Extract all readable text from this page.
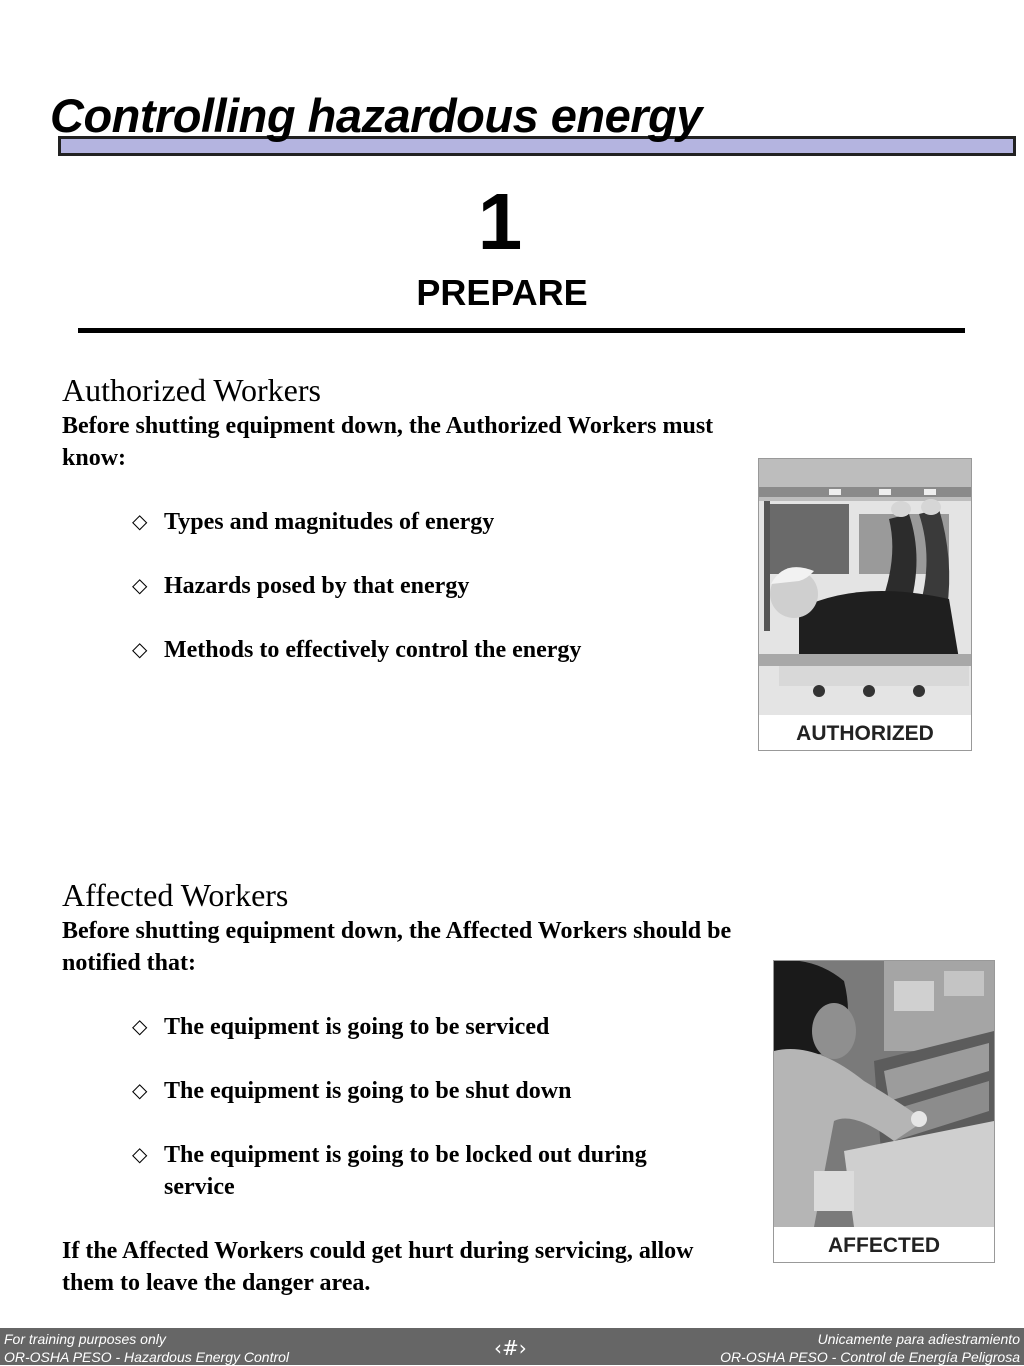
Controlling hazardous energy
1
PREPARE
Authorized Workers
Before shutting equipment down, the Authorized Workers must know:
◇ Types and magnitudes of energy
◇ Hazards posed by that energy
◇ Methods to effectively control the energy
AUTHORIZED
Affected Workers
Before shutting equipment down, the Affected Workers should be notified that:
◇ The equipment is going to be serviced
◇ The equipment is going to be shut down
◇ The equipment is going to be locked out during service
If the Affected Workers could get hurt during servicing, allow them to leave the danger area.
AFFECTED
For training purposes only
OR-OSHA PESO - Hazardous Energy Control	‹#›	Unicamente para adiestramiento
OR-OSHA PESO - Control de Energía Peligrosa
